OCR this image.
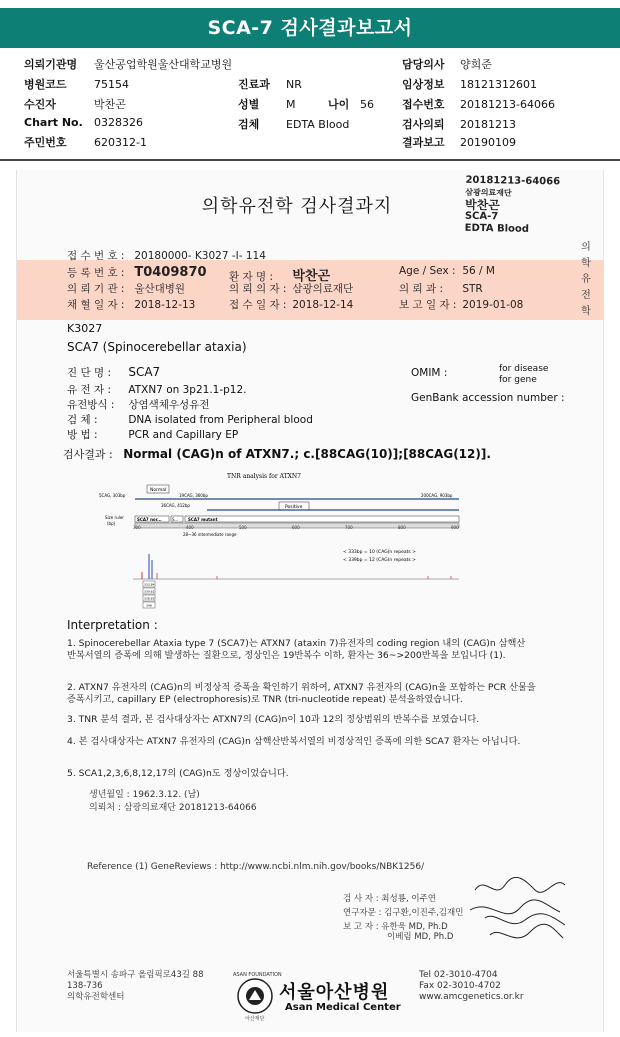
SCA-7 검사결과보고서
의뢰기관명 울산공업학원울산대학교병원
병원코드 75154
수진자	박찬곤
Chart No. 0328326
주민번호 620312-1
진료과 NR
성별 M	나이 56
검체 EDTA Blood
담당의사 양희준
임상정보 18121312601
접수번호 20181213-64066
검사의뢰 20181213
결과보고 20190109
20181213-64066
삼광의료재단
박찬곤
SCA-7
EDTA Blood
의학유전학 검사결과지
의
학
유
전
학
접 수 번 호 : 20180000- K3027 -I- 114
등 록 번 호 : T0409870 환 자 명 : 박찬곤	Age / Sex : 56 / M
의 뢰 기 관 : 울산대병원	의 뢰 의 자 : 삼광의료재단	의 뢰 과 : STR
채 혈 일 자 : 2018-12-13	접 수 일 자 : 2018-12-14	보 고 일 자 : 2019-01-08
K3027
SCA7 (Spinocerebellar ataxia)
진 단 명 : SCA7	OMIM :	for disease
for gene
유 전 자 : ATXN7 on 3p21.1-p12.
유전방식 : 상염색체우성유전
GenBank accession number :
검 체 :	DNA isolated from Peripheral blood
방 법 :	PCR and Capillary EP
검사결과 : Normal (CAG)n of ATXN7.; c.[88CAG(10)];[88CAG(12)].
TNR analysis for ATXN7
Normal
5CAG, 303bp	19CAG, 360bp	200CAG, 903bp
36CAG, 412bp	Positive
Size ruler
(bp)
SCA7 nor...	S... SCA7 mutant
28~36 intermediate range
< 333bp = 10 (CAG)n repeats >
< 339bp = 12 (CAG)n repeats >
333.84
339.62
338.85
348
300	400	500	600	700	800	900
Interpretation :
1. Spinocerebellar Ataxia type 7 (SCA7)는 ATXN7 (ataxin 7)유전자의 coding region 내의 (CAG)n 삼핵산 반복서열의 증폭에 의해 발생하는 질환으로, 정상인은 19반복수 이하, 환자는 36~>200반복을 보입니다 (1).
2. ATXN7 유전자의 (CAG)n의 비정상적 증폭을 확인하기 위하여, ATXN7 유전자의 (CAG)n을 포함하는 PCR 산물을 증폭시키고, capillary EP (electrophoresis)로 TNR (tri-nucleotide repeat) 분석을하였습니다.
3. TNR 분석 결과, 본 검사대상자는 ATXN7의 (CAG)n이 10과 12의 정상범위의 반복수를 보였습니다.
4. 본 검사대상자는 ATXN7 유전자의 (CAG)n 삼핵산반복서열의 비정상적인 증폭에 의한 SCA7 환자는 아닙니다.
5. SCA1,2,3,6,8,12,17의 (CAG)n도 정상이었습니다.
생년월일 : 1962.3.12. (남)
의뢰처 : 삼광의료재단 20181213-64066
Reference (1) GeneReviews : http://www.ncbi.nlm.nih.gov/books/NBK1256/
검 사 자 : 최성룡, 이주연
연구자문 : 김구환,이진주,김재민
보 고 자 : 유한욱 MD, Ph.D
이베림 MD, Ph.D
서울특별시 송파구 올림픽로43길 88
138-736
의학유전학센터
ASAN FOUNDATION
아산재단
서울아산병원
Asan Medical Center
Tel 02-3010-4704
Fax 02-3010-4702
www.amcgenetics.or.kr
